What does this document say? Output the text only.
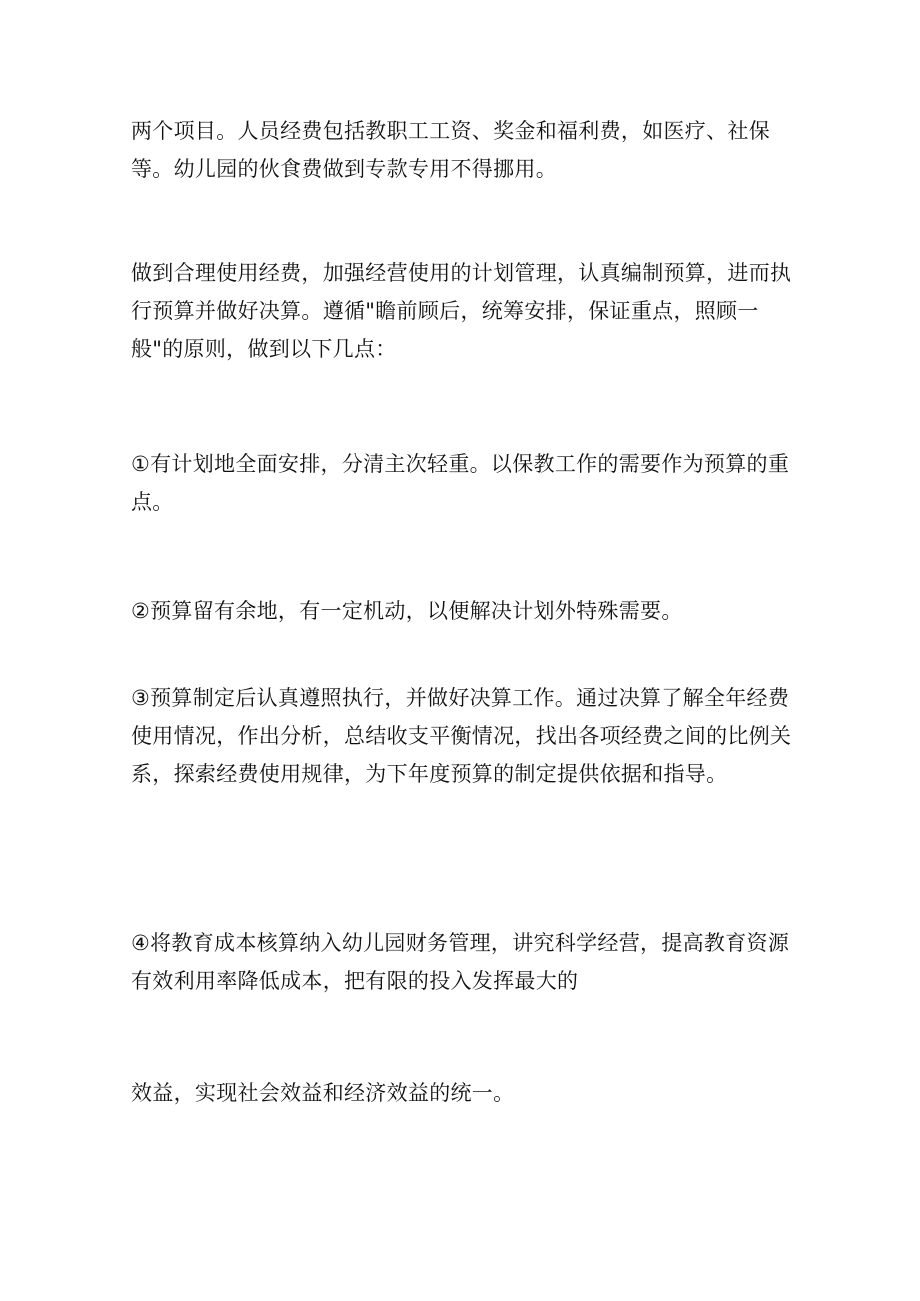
两个项目。人员经费包括教职工工资、奖金和福利费，如医疗、社保等。幼儿园的伙食费做到专款专用不得挪用。

做到合理使用经费，加强经营使用的计划管理，认真编制预算，进而执行预算并做好决算。遵循"瞻前顾后，统筹安排，保证重点，照顾一般"的原则，做到以下几点：

①有计划地全面安排，分清主次轻重。以保教工作的需要作为预算的重点。

②预算留有余地，有一定机动，以便解决计划外特殊需要。

③预算制定后认真遵照执行，并做好决算工作。通过决算了解全年经费使用情况，作出分析，总结收支平衡情况，找出各项经费之间的比例关系，探索经费使用规律，为下年度预算的制定提供依据和指导。

④将教育成本核算纳入幼儿园财务管理，讲究科学经营，提高教育资源有效利用率降低成本，把有限的投入发挥最大的

效益，实现社会效益和经济效益的统一。
